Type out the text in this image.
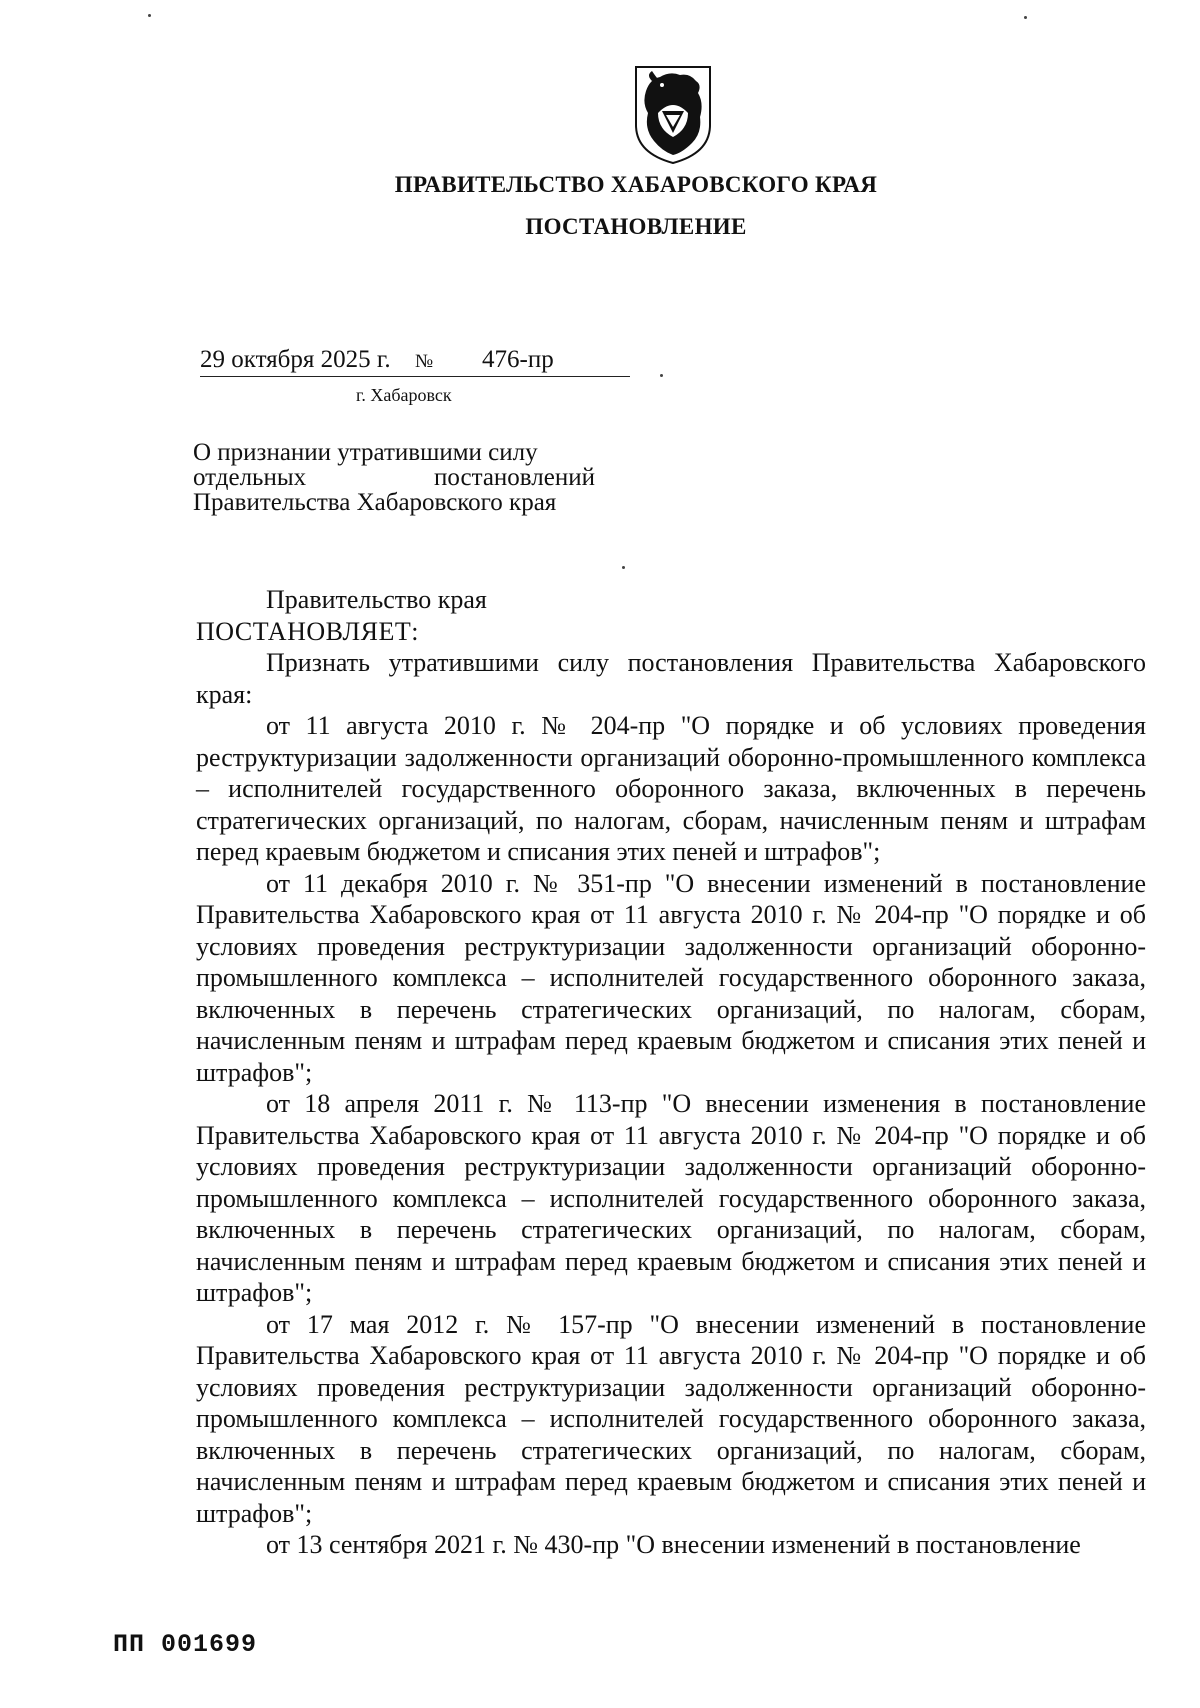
ПРАВИТЕЛЬСТВО ХАБАРОВСКОГО КРАЯ
ПОСТАНОВЛЕНИЕ
29 октября 2025 г. № 476-пр
г. Хабаровск
О признании утратившими силу
отдельных	постановлений
Правительства Хабаровского края

Правительство края

ПОСТАНОВЛЯЕТ:

Признать утратившими силу постановления Правительства Хабаровского края:

от 11 августа 2010 г. № 204-пр "О порядке и об условиях проведения реструктуризации задолженности организаций оборонно-промышленного комплекса – исполнителей государственного оборонного заказа, включенных в перечень стратегических организаций, по налогам, сборам, начисленным пеням и штрафам перед краевым бюджетом и списания этих пеней и штрафов";

от 11 декабря 2010 г. № 351-пр "О внесении изменений в постановление Правительства Хабаровского края от 11 августа 2010 г. № 204-пр "О порядке и об условиях проведения реструктуризации задолженности организаций оборонно-промышленного комплекса – исполнителей государственного оборонного заказа, включенных в перечень стратегических организаций, по налогам, сборам, начисленным пеням и штрафам перед краевым бюджетом и списания этих пеней и штрафов";

от 18 апреля 2011 г. № 113-пр "О внесении изменения в постановление Правительства Хабаровского края от 11 августа 2010 г. № 204-пр "О порядке и об условиях проведения реструктуризации задолженности организаций оборонно-промышленного комплекса – исполнителей государственного оборонного заказа, включенных в перечень стратегических организаций, по налогам, сборам, начисленным пеням и штрафам перед краевым бюджетом и списания этих пеней и штрафов";

от 17 мая 2012 г. № 157-пр "О внесении изменений в постановление Правительства Хабаровского края от 11 августа 2010 г. № 204-пр "О порядке и об условиях проведения реструктуризации задолженности организаций оборонно-промышленного комплекса – исполнителей государственного оборонного заказа, включенных в перечень стратегических организаций, по налогам, сборам, начисленным пеням и штрафам перед краевым бюджетом и списания этих пеней и штрафов";

от 13 сентября 2021 г. № 430-пр "О внесении изменений в постановление

ПП 001699
